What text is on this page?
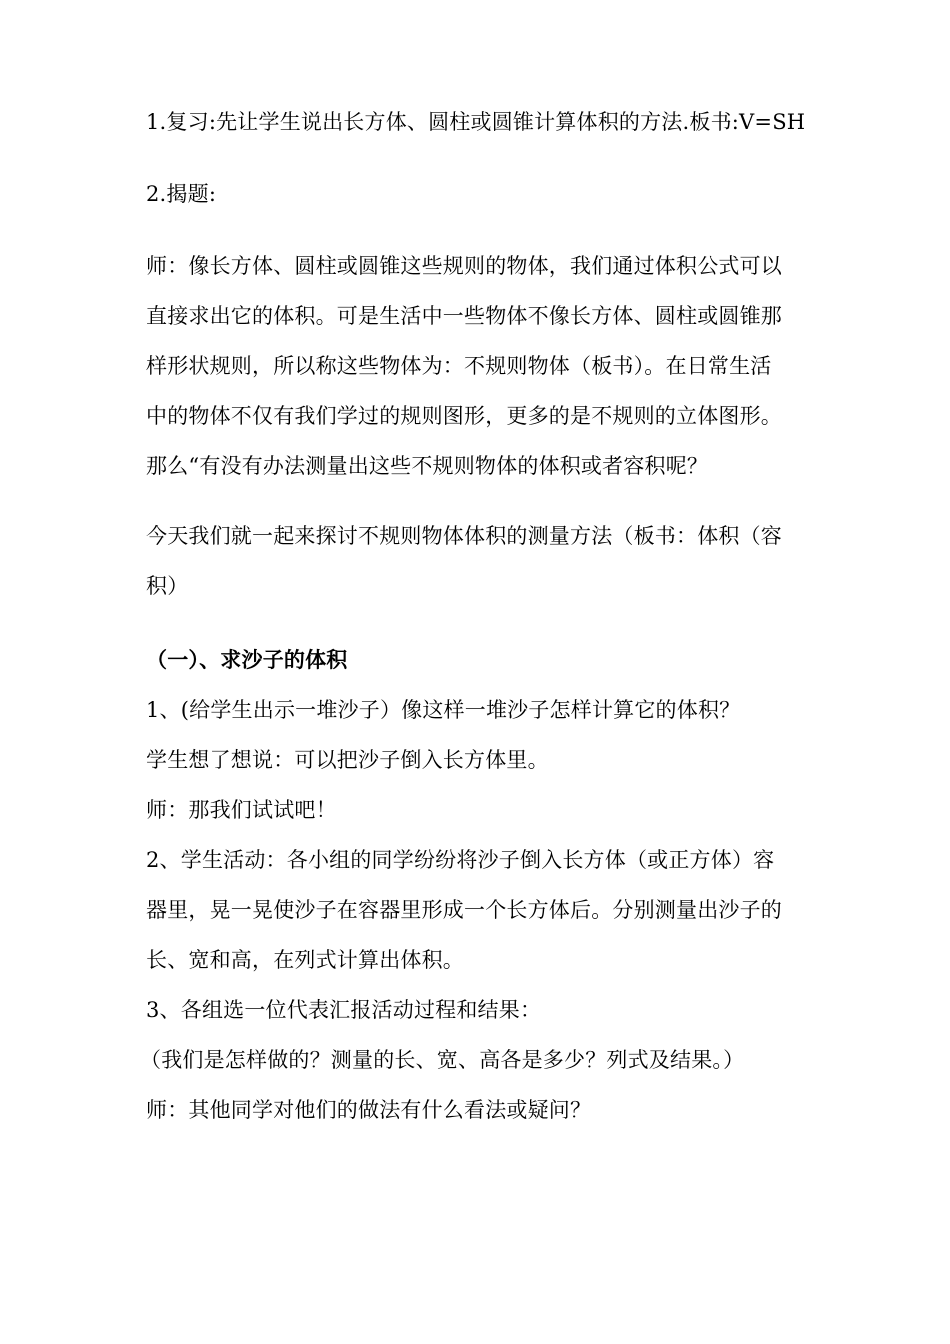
1.复习:先让学生说出长方体、圆柱或圆锥计算体积的方法.板书:V=SH
2.揭题:
师：像长方体、圆柱或圆锥这些规则的物体，我们通过体积公式可以
直接求出它的体积。可是生活中一些物体不像长方体、圆柱或圆锥那
样形状规则，所以称这些物体为：不规则物体（板书）。在日常生活
中的物体不仅有我们学过的规则图形，更多的是不规则的立体图形。
那么“有没有办法测量出这些不规则物体的体积或者容积呢？
今天我们就一起来探讨不规则物体体积的测量方法（板书：体积（容
积）
（一）、求沙子的体积
1、(给学生出示一堆沙子）像这样一堆沙子怎样计算它的体积？
学生想了想说：可以把沙子倒入长方体里。
师：那我们试试吧！
2、学生活动：各小组的同学纷纷将沙子倒入长方体（或正方体）容
器里，晃一晃使沙子在容器里形成一个长方体后。分别测量出沙子的
长、宽和高，在列式计算出体积。
3、各组选一位代表汇报活动过程和结果：
（我们是怎样做的？测量的长、宽、高各是多少？列式及结果。）
师：其他同学对他们的做法有什么看法或疑问？
